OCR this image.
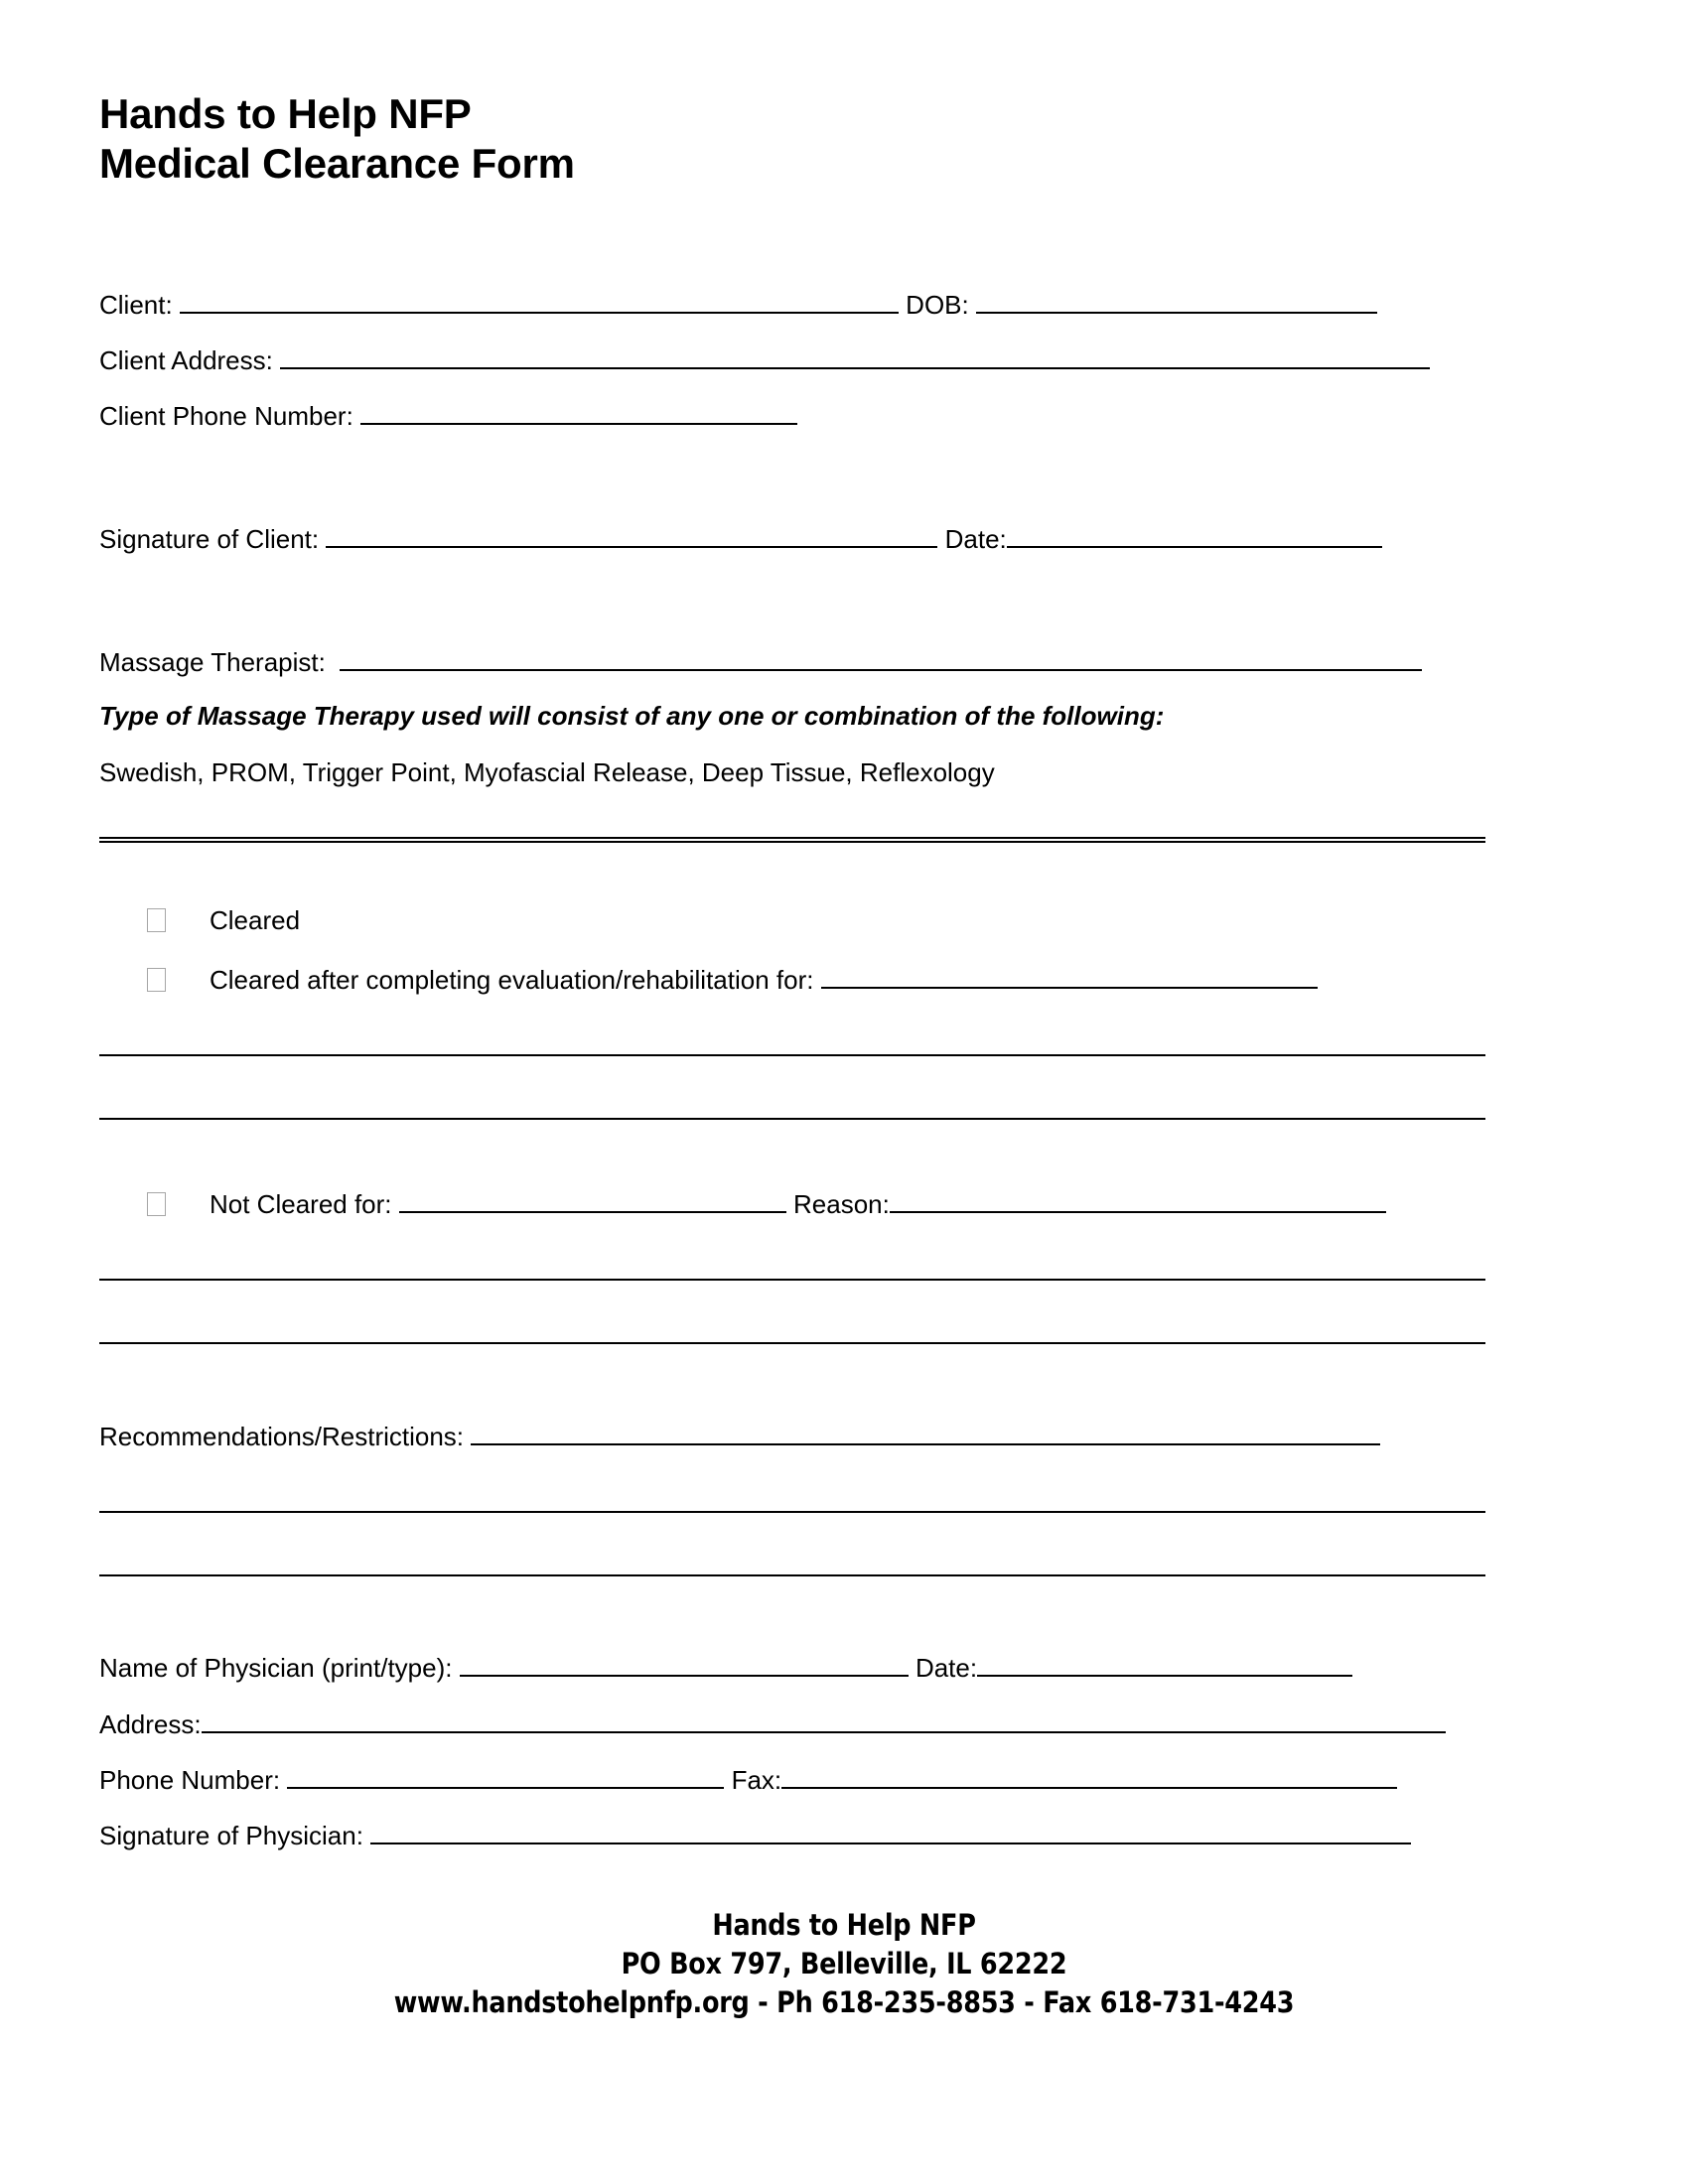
Hands to Help NFP
Medical Clearance Form
Client:

	DOB:

Client Address:

Client Phone Number:

Signature of Client:

	Date:
Massage Therapist:

Type of Massage Therapy used will consist of any one or combination of the following:
Swedish, PROM, Trigger Point, Myofascial Release, Deep Tissue, Reflexology
Cleared
Cleared after completing evaluation/rehabilitation for:

Not Cleared for:

	Reason:
Recommendations/Restrictions:

Name of Physician (print/type):

	Date:
Address:
Phone Number:

	Fax:
Signature of Physician:

Hands to Help NFP
PO Box 797, Belleville, IL 62222
www.handstohelpnfp.org - Ph 618-235-8853 - Fax 618-731-4243
